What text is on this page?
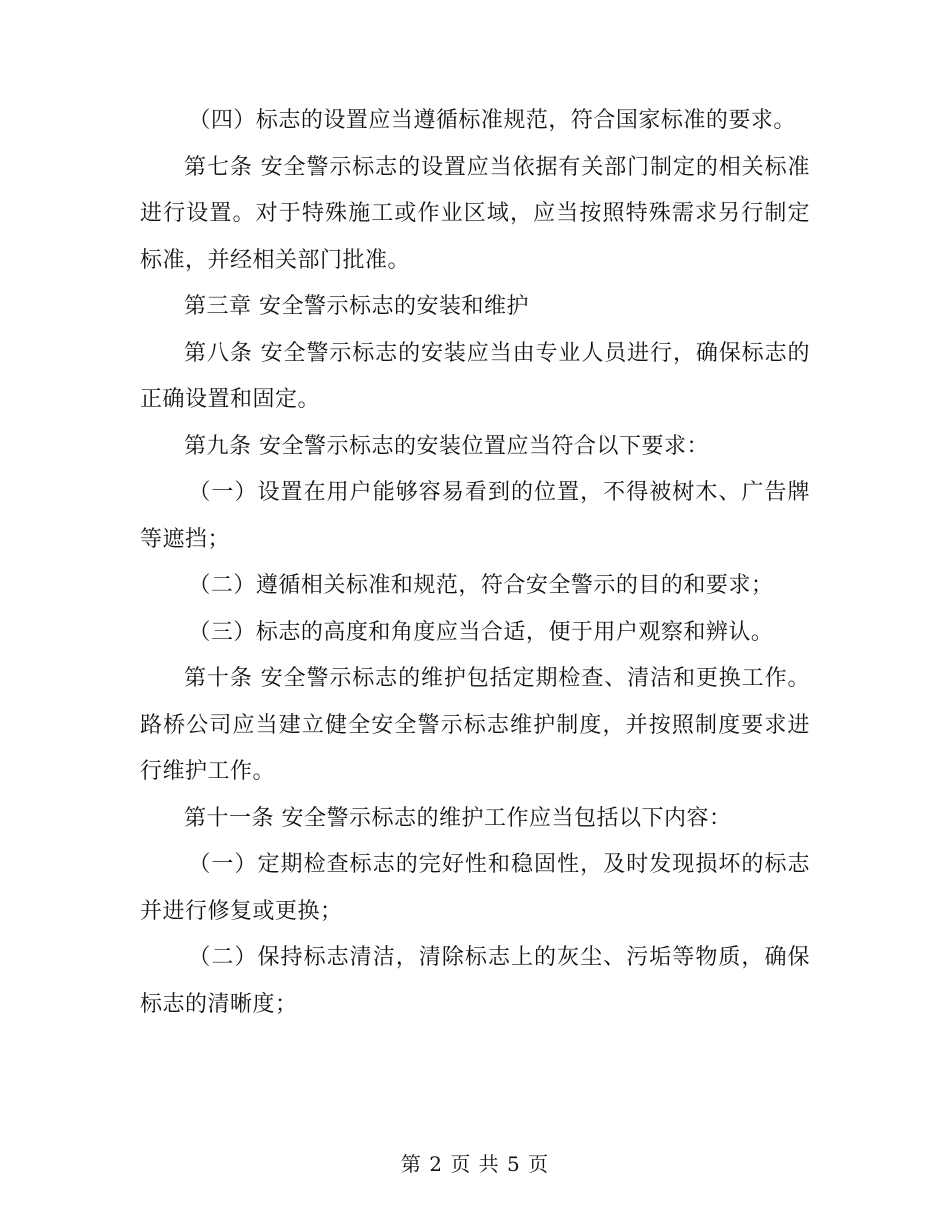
（四）标志的设置应当遵循标准规范，符合国家标准的要求。

第七条 安全警示标志的设置应当依据有关部门制定的相关标准进行设置。对于特殊施工或作业区域，应当按照特殊需求另行制定标准，并经相关部门批准。

第三章 安全警示标志的安装和维护

第八条 安全警示标志的安装应当由专业人员进行，确保标志的正确设置和固定。

第九条 安全警示标志的安装位置应当符合以下要求：

（一）设置在用户能够容易看到的位置，不得被树木、广告牌等遮挡；

（二）遵循相关标准和规范，符合安全警示的目的和要求；

（三）标志的高度和角度应当合适，便于用户观察和辨认。

第十条 安全警示标志的维护包括定期检查、清洁和更换工作。路桥公司应当建立健全安全警示标志维护制度，并按照制度要求进行维护工作。

第十一条 安全警示标志的维护工作应当包括以下内容：

（一）定期检查标志的完好性和稳固性，及时发现损坏的标志并进行修复或更换；

（二）保持标志清洁，清除标志上的灰尘、污垢等物质，确保标志的清晰度；

第 2 页 共 5 页
